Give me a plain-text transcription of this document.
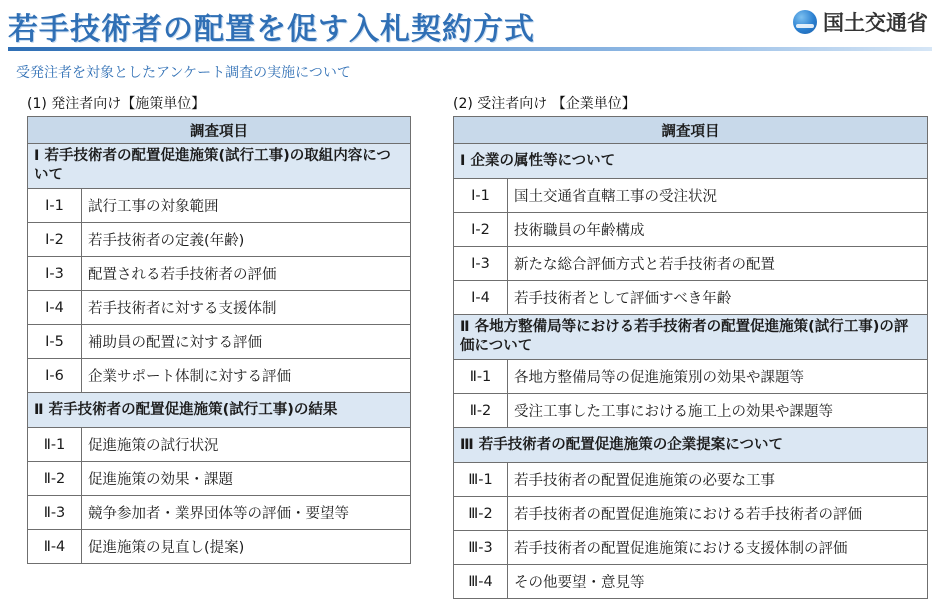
若手技術者の配置を促す入札契約方式	国土交通省
受発注者を対象としたアンケート調査の実施について
(1) 発注者向け【施策単位】	(2) 受注者向け 【企業単位】
調査項目	
Ⅰ 若手技術者の配置促進施策(試行工事)の取組内容について	
Ⅰ-1	試行工事の対象範囲
Ⅰ-2	若手技術者の定義(年齢)
Ⅰ-3	配置される若手技術者の評価
Ⅰ-4	若手技術者に対する支援体制
Ⅰ-5	補助員の配置に対する評価
Ⅰ-6	企業サポート体制に対する評価
Ⅱ 若手技術者の配置促進施策(試行工事)の結果	
Ⅱ-1	促進施策の試行状況
Ⅱ-2	促進施策の効果・課題
Ⅱ-3	競争参加者・業界団体等の評価・要望等
Ⅱ-4	促進施策の見直し(提案)
調査項目	
Ⅰ 企業の属性等について	
Ⅰ-1	国土交通省直轄工事の受注状況
Ⅰ-2	技術職員の年齢構成
Ⅰ-3	新たな総合評価方式と若手技術者の配置
Ⅰ-4	若手技術者として評価すべき年齢
Ⅱ 各地方整備局等における若手技術者の配置促進施策(試行工事)の評価について	
Ⅱ-1	各地方整備局等の促進施策別の効果や課題等
Ⅱ-2	受注工事した工事における施工上の効果や課題等
Ⅲ 若手技術者の配置促進施策の企業提案について	
Ⅲ-1	若手技術者の配置促進施策の必要な工事
Ⅲ-2	若手技術者の配置促進施策における若手技術者の評価
Ⅲ-3	若手技術者の配置促進施策における支援体制の評価
Ⅲ-4	その他要望・意見等
